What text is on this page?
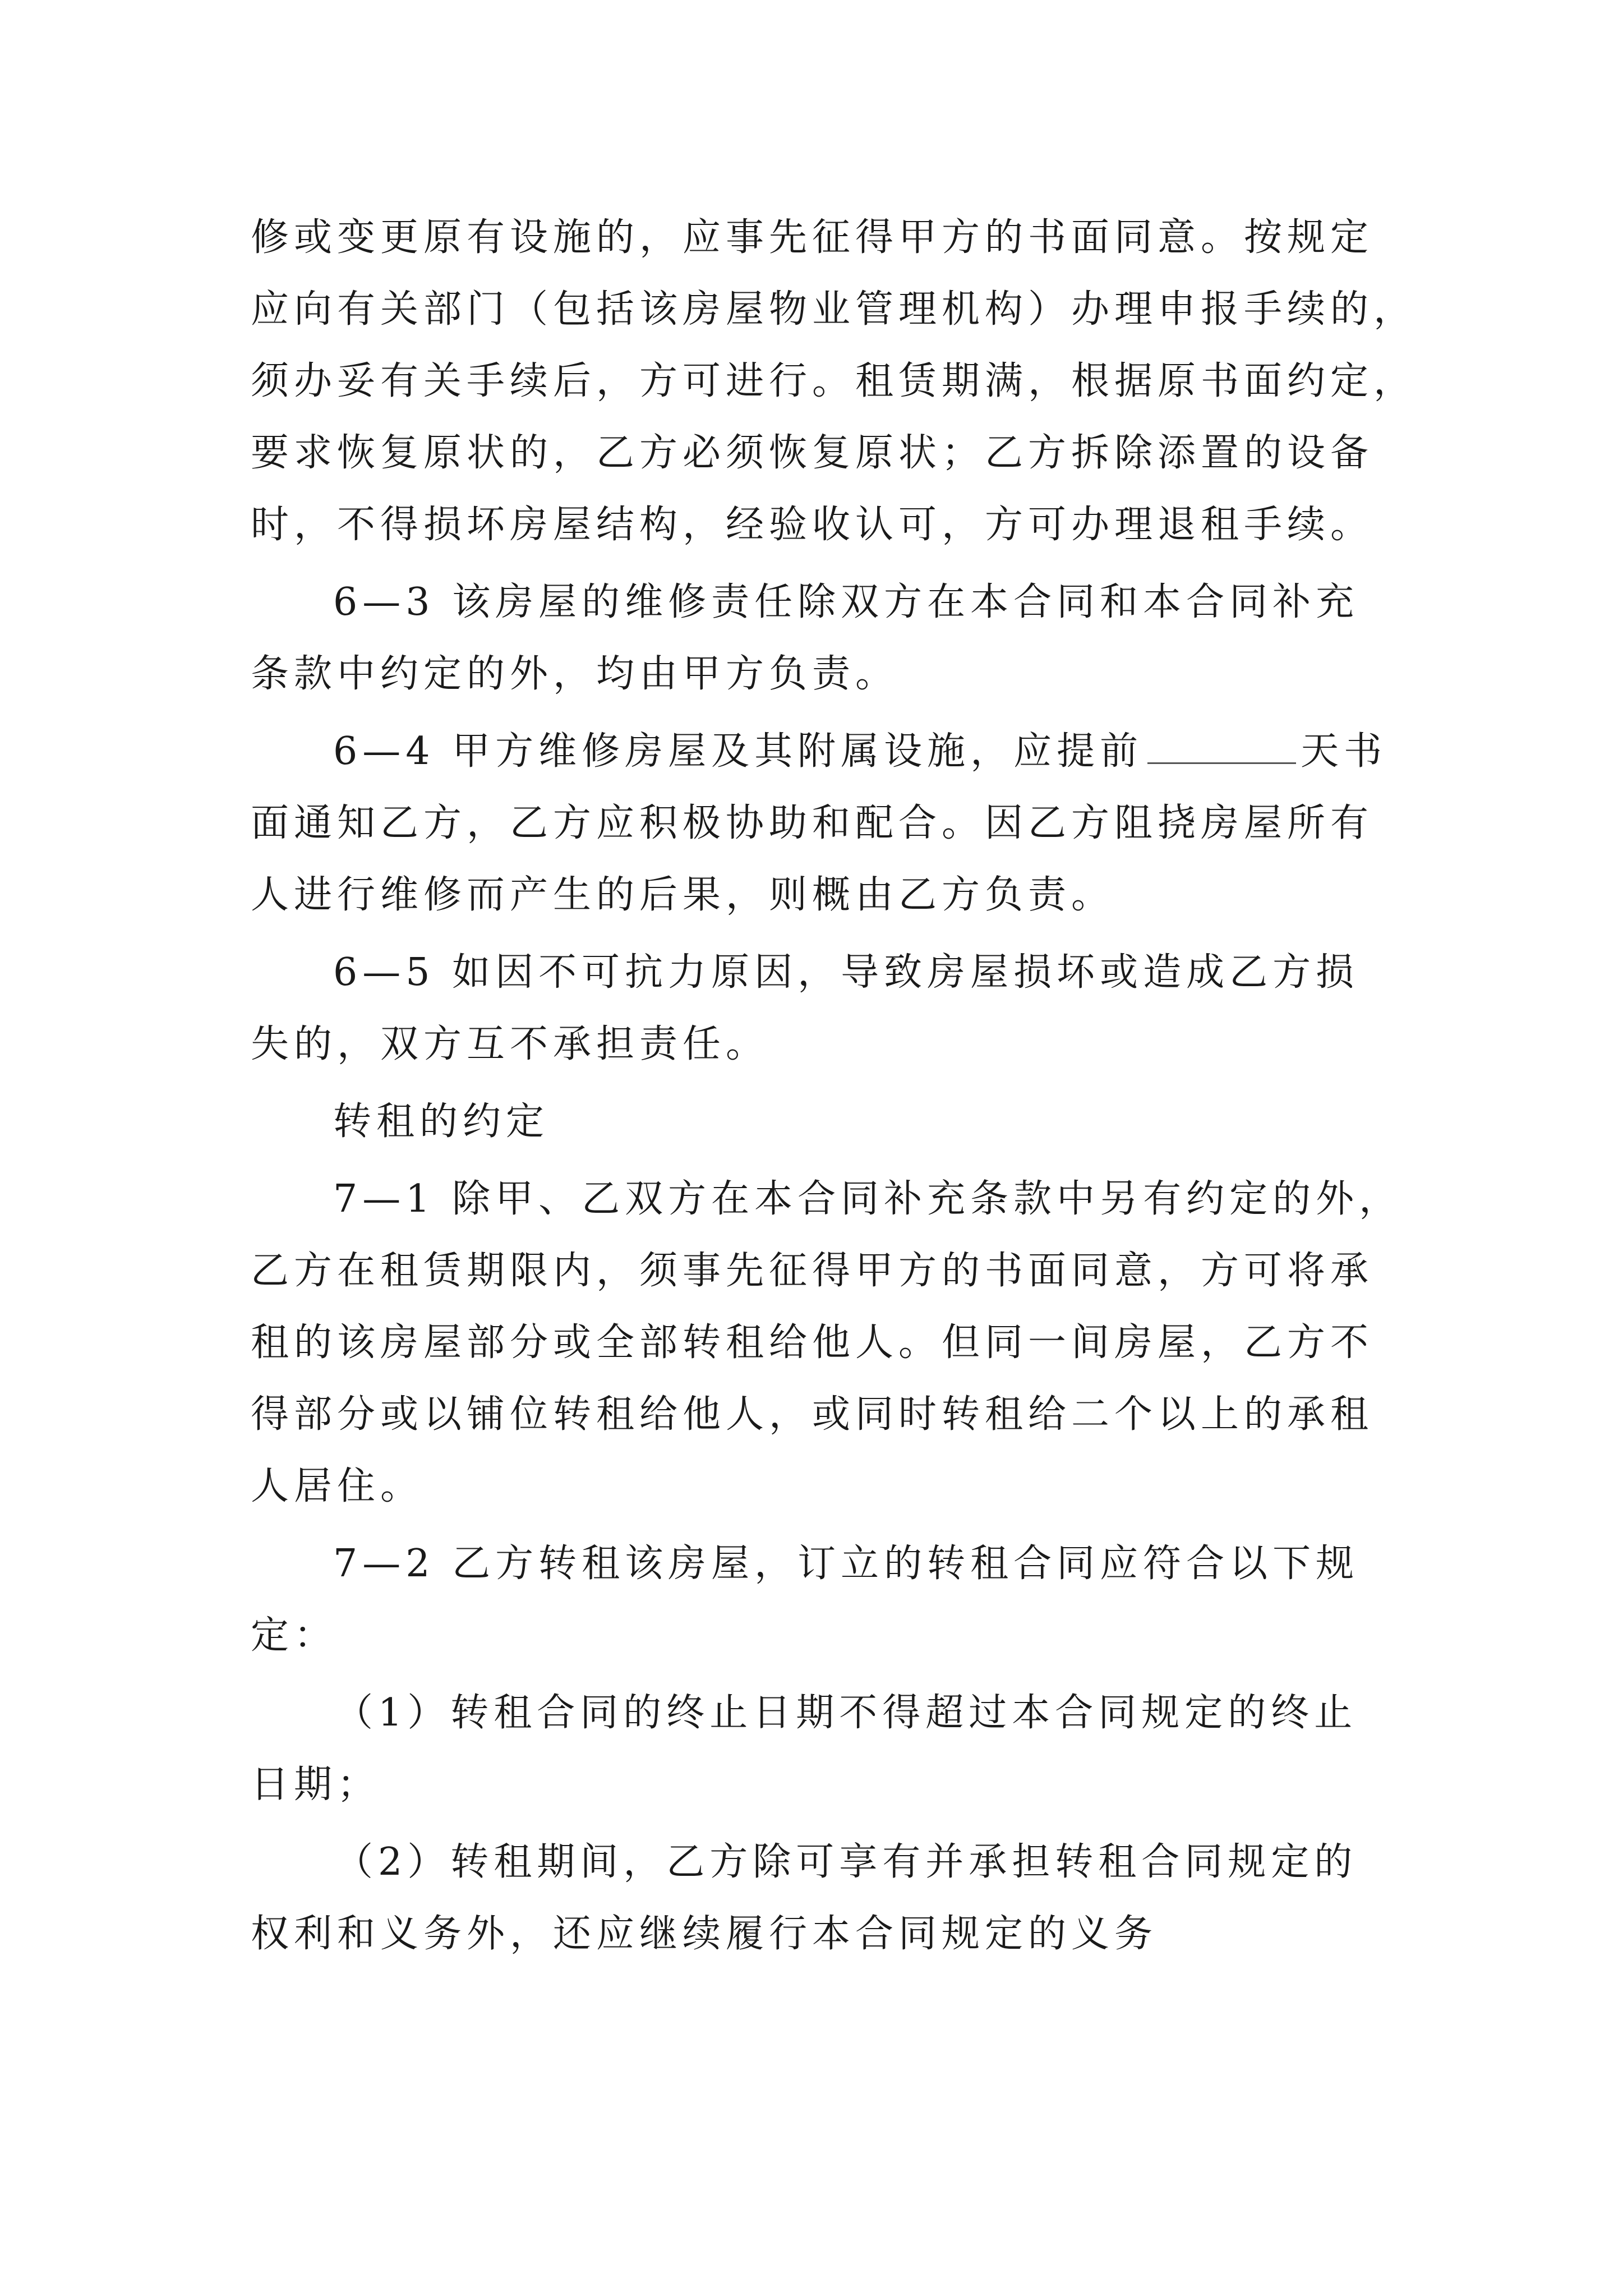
修或变更原有设施的，应事先征得甲方的书面同意。按规定
应向有关部门（包括该房屋物业管理机构）办理申报手续的，
须办妥有关手续后，方可进行。租赁期满，根据原书面约定，
要求恢复原状的，乙方必须恢复原状；乙方拆除添置的设备
时，不得损坏房屋结构，经验收认可，方可办理退租手续。

6—3 该房屋的维修责任除双方在本合同和本合同补充
条款中约定的外，均由甲方负责。

6—4 甲方维修房屋及其附属设施，应提前	天书
面通知乙方，乙方应积极协助和配合。因乙方阻挠房屋所有
人进行维修而产生的后果，则概由乙方负责。

6—5 如因不可抗力原因，导致房屋损坏或造成乙方损
失的，双方互不承担责任。

转租的约定

7—1 除甲、乙双方在本合同补充条款中另有约定的外，
乙方在租赁期限内，须事先征得甲方的书面同意，方可将承
租的该房屋部分或全部转租给他人。但同一间房屋，乙方不
得部分或以铺位转租给他人，或同时转租给二个以上的承租
人居住。

7—2 乙方转租该房屋，订立的转租合同应符合以下规
定：

（1）转租合同的终止日期不得超过本合同规定的终止
日期；

（2）转租期间，乙方除可享有并承担转租合同规定的
权利和义务外，还应继续履行本合同规定的义务
